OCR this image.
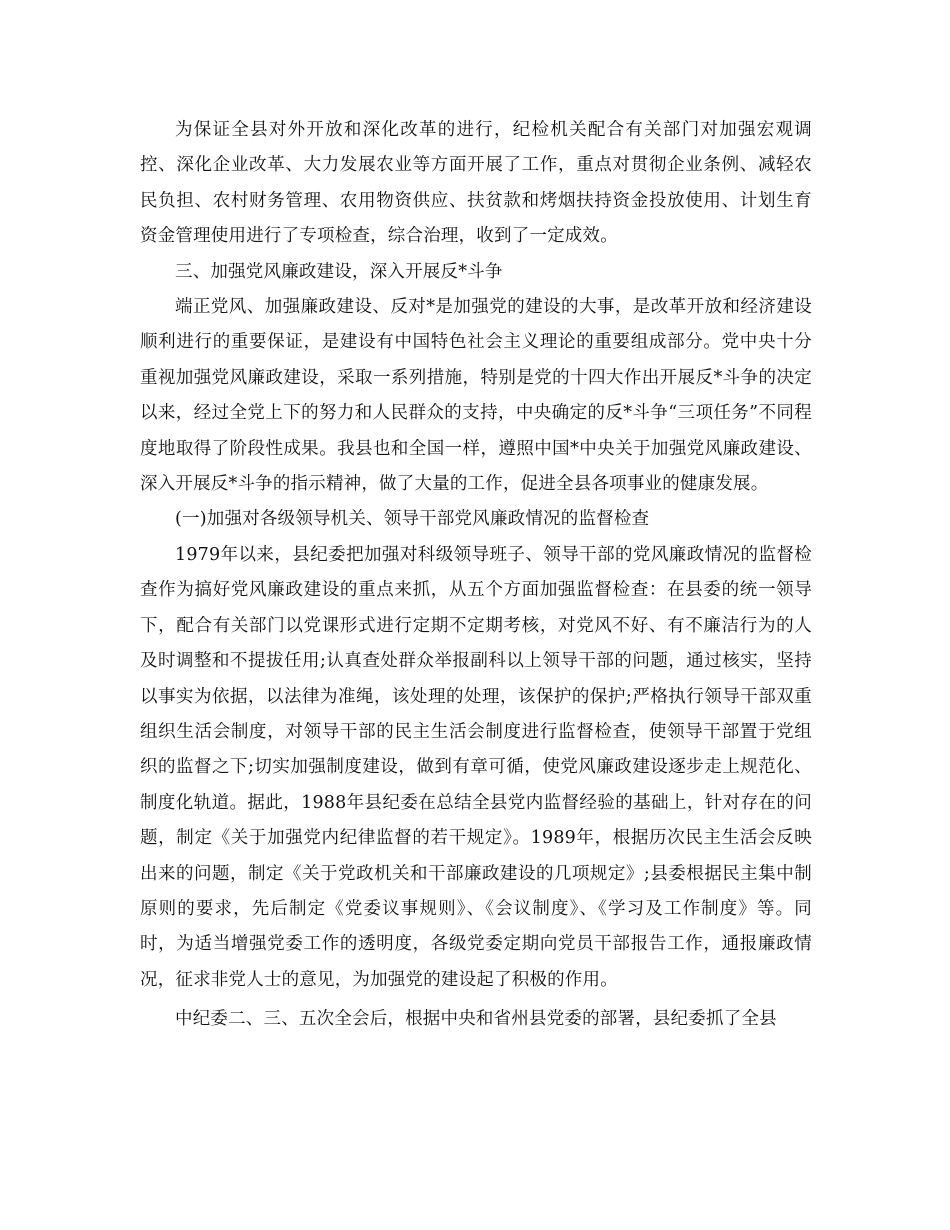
为保证全县对外开放和深化改革的进行，纪检机关配合有关部门对加强宏观调控、深化企业改革、大力发展农业等方面开展了工作，重点对贯彻企业条例、减轻农民负担、农村财务管理、农用物资供应、扶贫款和烤烟扶持资金投放使用、计划生育资金管理使用进行了专项检查，综合治理，收到了一定成效。

三、加强党风廉政建设，深入开展反*斗争

端正党风、加强廉政建设、反对*是加强党的建设的大事，是改革开放和经济建设顺利进行的重要保证，是建设有中国特色社会主义理论的重要组成部分。党中央十分重视加强党风廉政建设，采取一系列措施，特别是党的十四大作出开展反*斗争的决定以来，经过全党上下的努力和人民群众的支持，中央确定的反*斗争“三项任务”不同程度地取得了阶段性成果。我县也和全国一样，遵照中国*中央关于加强党风廉政建设、深入开展反*斗争的指示精神，做了大量的工作，促进全县各项事业的健康发展。

(一)加强对各级领导机关、领导干部党风廉政情况的监督检查

1979年以来，县纪委把加强对科级领导班子、领导干部的党风廉政情况的监督检查作为搞好党风廉政建设的重点来抓，从五个方面加强监督检查：在县委的统一领导下，配合有关部门以党课形式进行定期不定期考核，对党风不好、有不廉洁行为的人及时调整和不提拔任用;认真查处群众举报副科以上领导干部的问题，通过核实，坚持以事实为依据，以法律为准绳，该处理的处理，该保护的保护;严格执行领导干部双重组织生活会制度，对领导干部的民主生活会制度进行监督检查，使领导干部置于党组织的监督之下;切实加强制度建设，做到有章可循，使党风廉政建设逐步走上规范化、制度化轨道。据此，1988年县纪委在总结全县党内监督经验的基础上，针对存在的问题，制定《关于加强党内纪律监督的若干规定》。1989年，根据历次民主生活会反映出来的问题，制定《关于党政机关和干部廉政建设的几项规定》;县委根据民主集中制原则的要求，先后制定《党委议事规则》、《会议制度》、《学习及工作制度》等。同时，为适当增强党委工作的透明度，各级党委定期向党员干部报告工作，通报廉政情况，征求非党人士的意见，为加强党的建设起了积极的作用。

中纪委二、三、五次全会后，根据中央和省州县党委的部署，县纪委抓了全县
